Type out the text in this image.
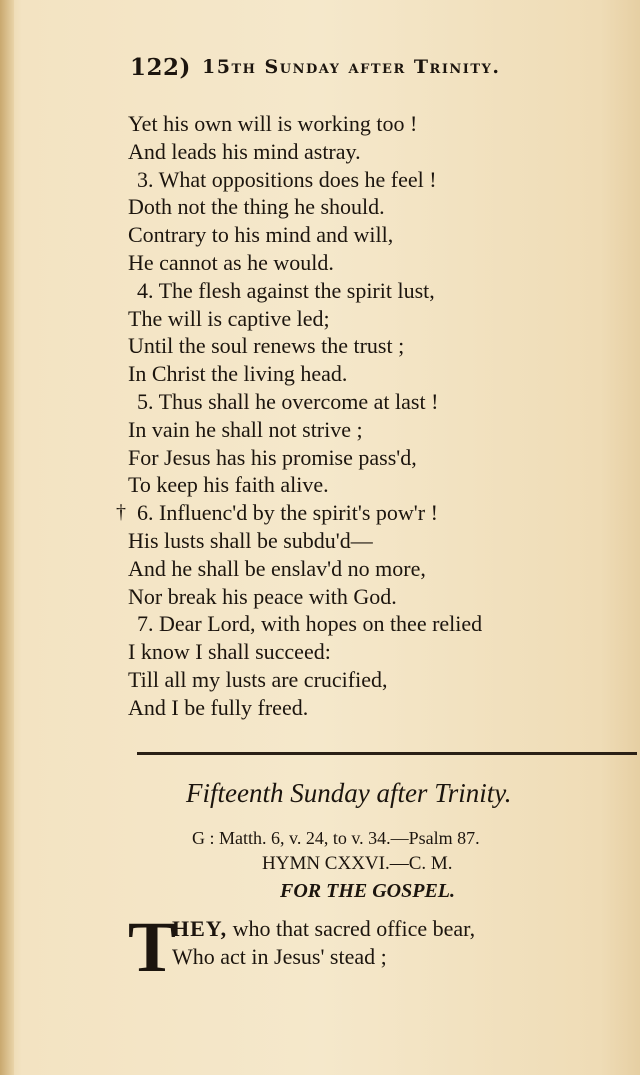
122) 15th Sunday after Trinity.
Yet his own will is working too !
And leads his mind astray.
3. What oppositions does he feel !
Doth not the thing he should.
Contrary to his mind and will,
He cannot as he would.
4. The flesh against the spirit lust,
The will is captive led;
Until the soul renews the trust ;
In Christ the living head.
5. Thus shall he overcome at last !
In vain he shall not strive ;
For Jesus has his promise pass'd,
To keep his faith alive.
† 6. Influenc'd by the spirit's pow'r !
His lusts shall be subdu'd—
And he shall be enslav'd no more,
Nor break his peace with God.
7. Dear Lord, with hopes on thee relied
I know I shall succeed:
Till all my lusts are crucified,
And I be fully freed.
Fifteenth Sunday after Trinity.
G : Matth. 6, v. 24, to v. 34.—Psalm 87.
HYMN CXXVI.—C. M.
FOR THE GOSPEL.
T
HEY, who that sacred office bear,
Who act in Jesus' stead ;
